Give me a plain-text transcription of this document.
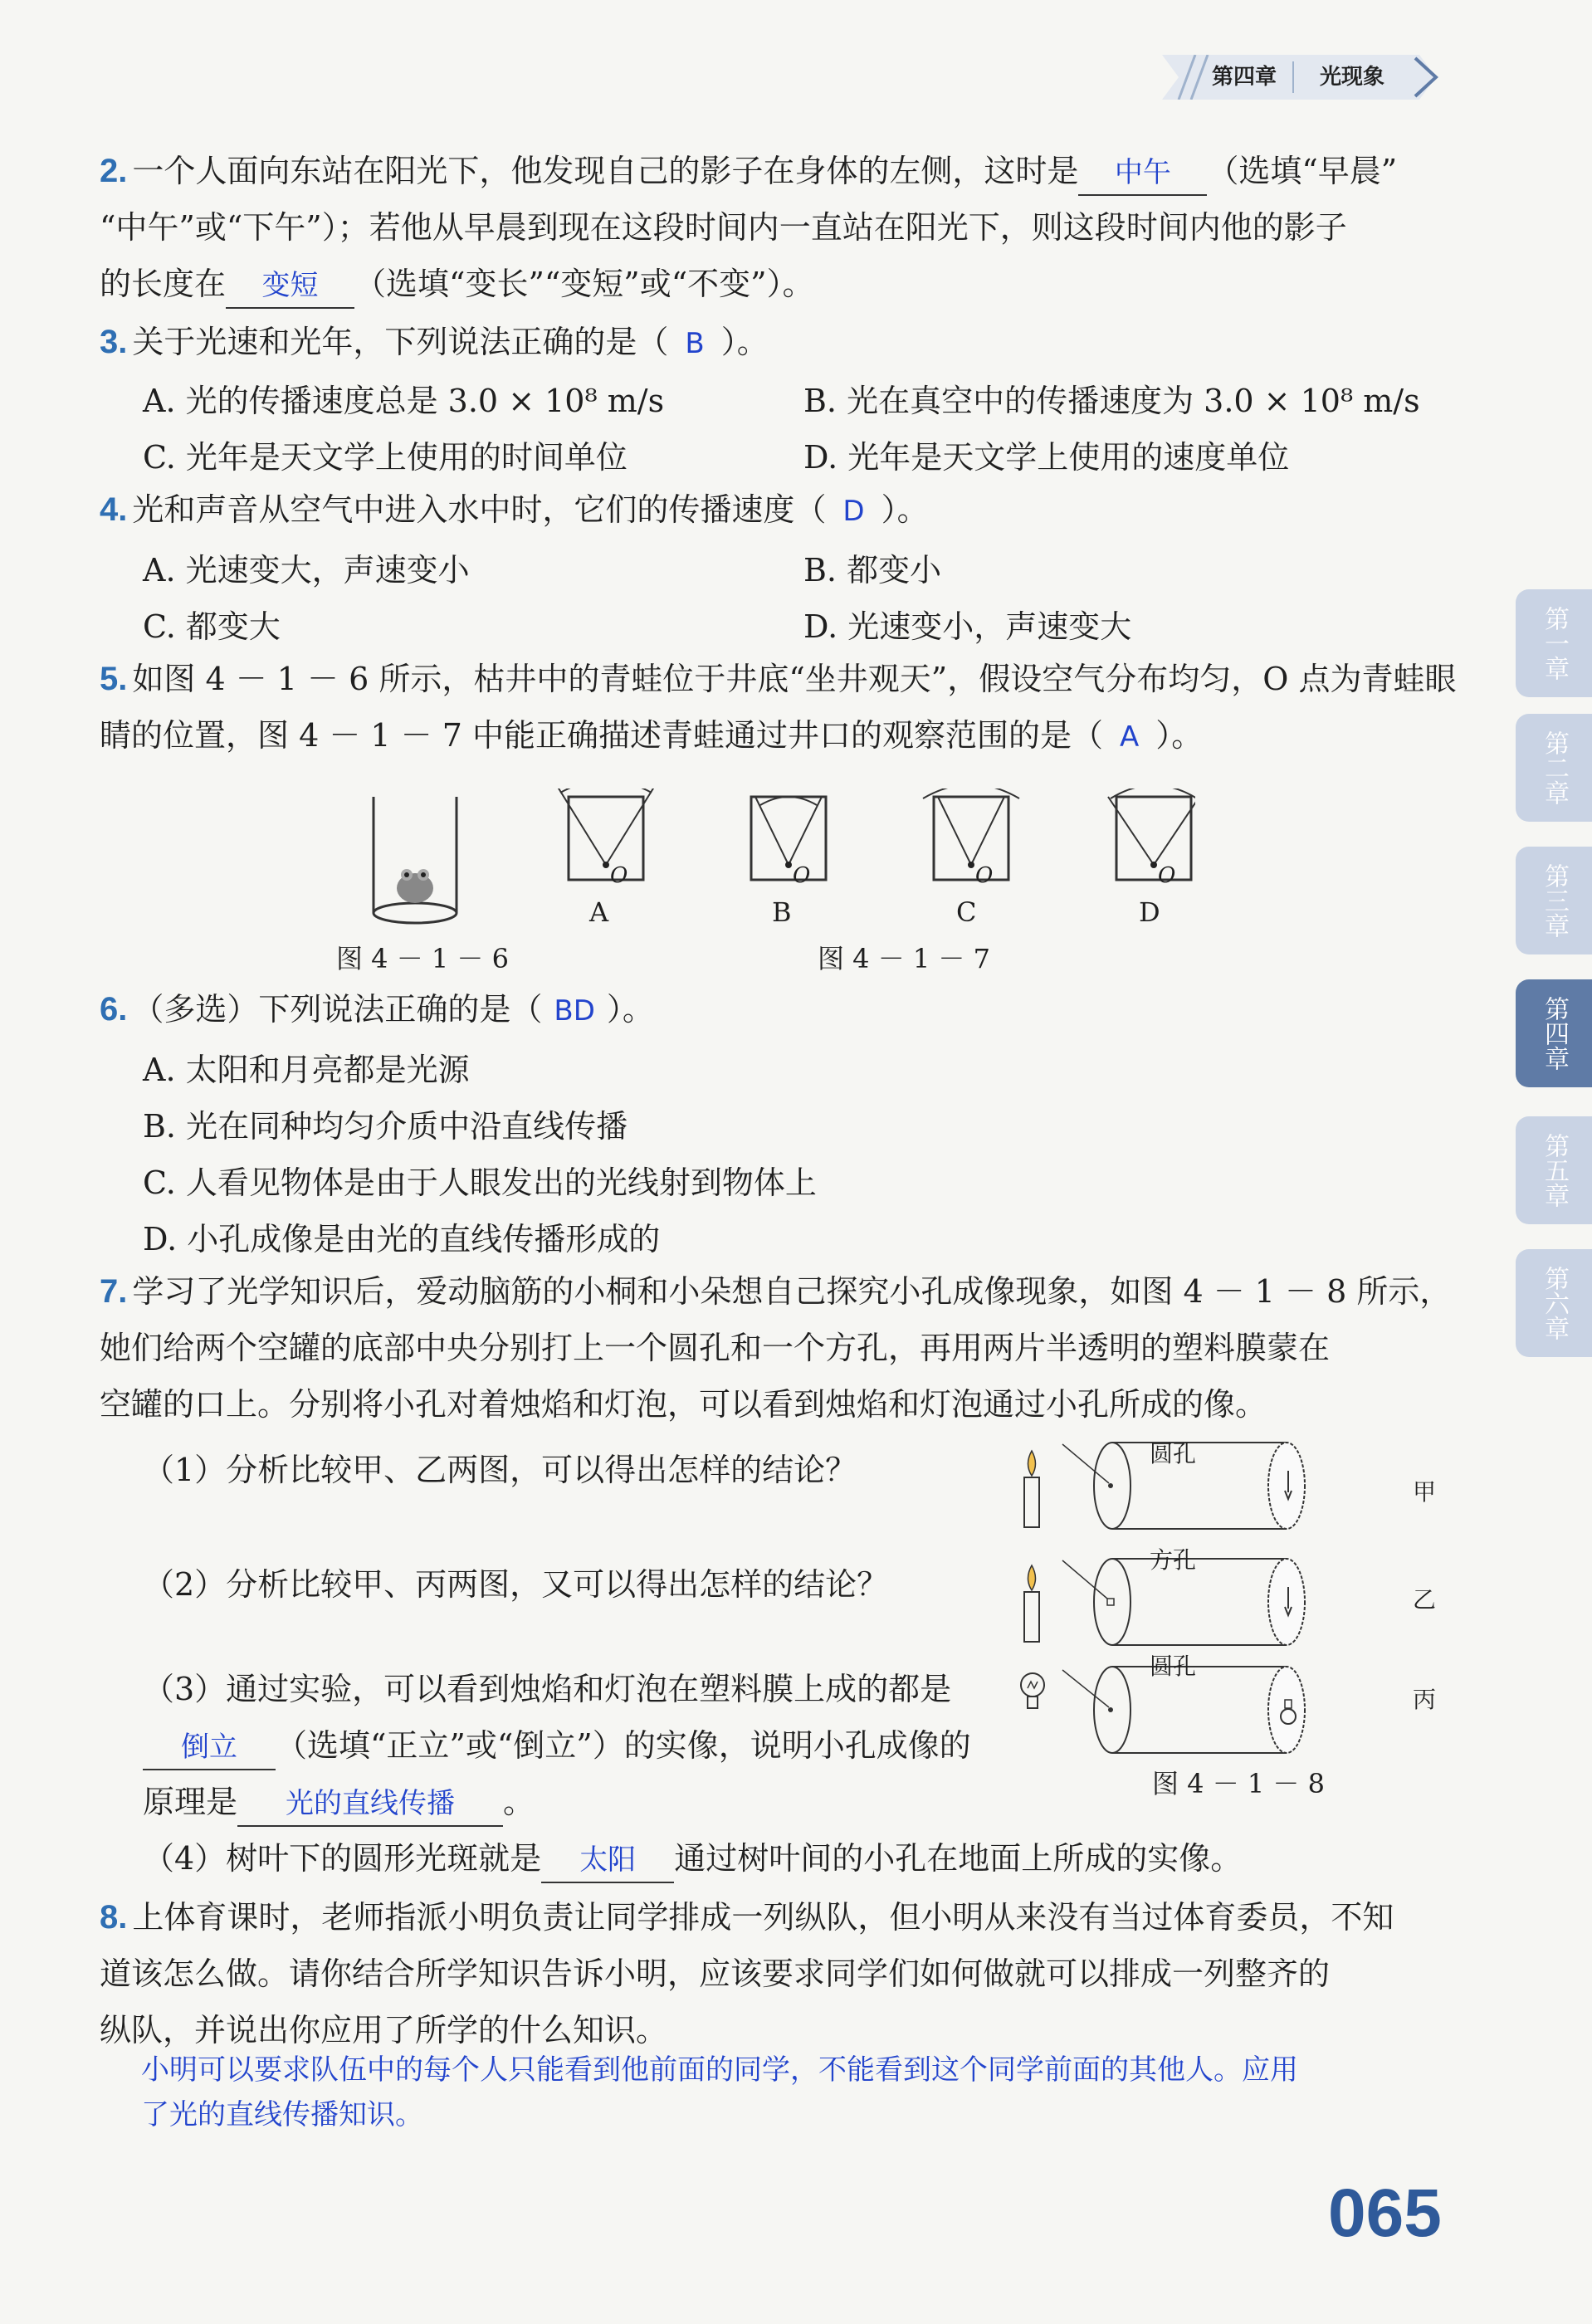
第四章 光现象
第一章
第二章
第三章
第四章
第五章
第六章
2. 一个人面向东站在阳光下，他发现自己的影子在身体的左侧，这时是 中午 （选填“早晨”
“中午”或“下午”）；若他从早晨到现在这段时间内一直站在阳光下，则这段时间内他的影子
的长度在 变短 （选填“变长”“变短”或“不变”）。
3. 关于光速和光年，下列说法正确的是（ B ）。
A. 光的传播速度总是 3.0 × 10⁸ m/s	B. 光在真空中的传播速度为 3.0 × 10⁸ m/s
C. 光年是天文学上使用的时间单位	D. 光年是天文学上使用的速度单位
4. 光和声音从空气中进入水中时，它们的传播速度（ D ）。
A. 光速变大，声速变小	B. 都变小
C. 都变大	D. 光速变小，声速变大
5. 如图 4 － 1 － 6 所示，枯井中的青蛙位于井底“坐井观天”，假设空气分布均匀，O 点为青蛙眼
睛的位置，图 4 － 1 － 7 中能正确描述青蛙通过井口的观察范围的是（ A ）。
O	O	O	O
A	B	C	D
图 4 － 1 － 6	图 4 － 1 － 7
6. （多选）下列说法正确的是（ BD ）。
A. 太阳和月亮都是光源
B. 光在同种均匀介质中沿直线传播
C. 人看见物体是由于人眼发出的光线射到物体上
D. 小孔成像是由光的直线传播形成的
7. 学习了光学知识后，爱动脑筋的小桐和小朵想自己探究小孔成像现象，如图 4 － 1 － 8 所示，
她们给两个空罐的底部中央分别打上一个圆孔和一个方孔，再用两片半透明的塑料膜蒙在
空罐的口上。分别将小孔对着烛焰和灯泡，可以看到烛焰和灯泡通过小孔所成的像。
（1）分析比较甲、乙两图，可以得出怎样的结论？
（2）分析比较甲、丙两图，又可以得出怎样的结论？
（3）通过实验，可以看到烛焰和灯泡在塑料膜上成的都是
倒立 （选填“正立”或“倒立”）的实像，说明小孔成像的
原理是 光的直线传播 。
（4）树叶下的圆形光斑就是 太阳 通过树叶间的小孔在地面上所成的实像。
圆孔
方孔
圆孔
甲
乙
丙
图 4 － 1 － 8
8. 上体育课时，老师指派小明负责让同学排成一列纵队，但小明从来没有当过体育委员，不知
道该怎么做。请你结合所学知识告诉小明，应该要求同学们如何做就可以排成一列整齐的
纵队，并说出你应用了所学的什么知识。
小明可以要求队伍中的每个人只能看到他前面的同学，不能看到这个同学前面的其他人。应用
了光的直线传播知识。
065
